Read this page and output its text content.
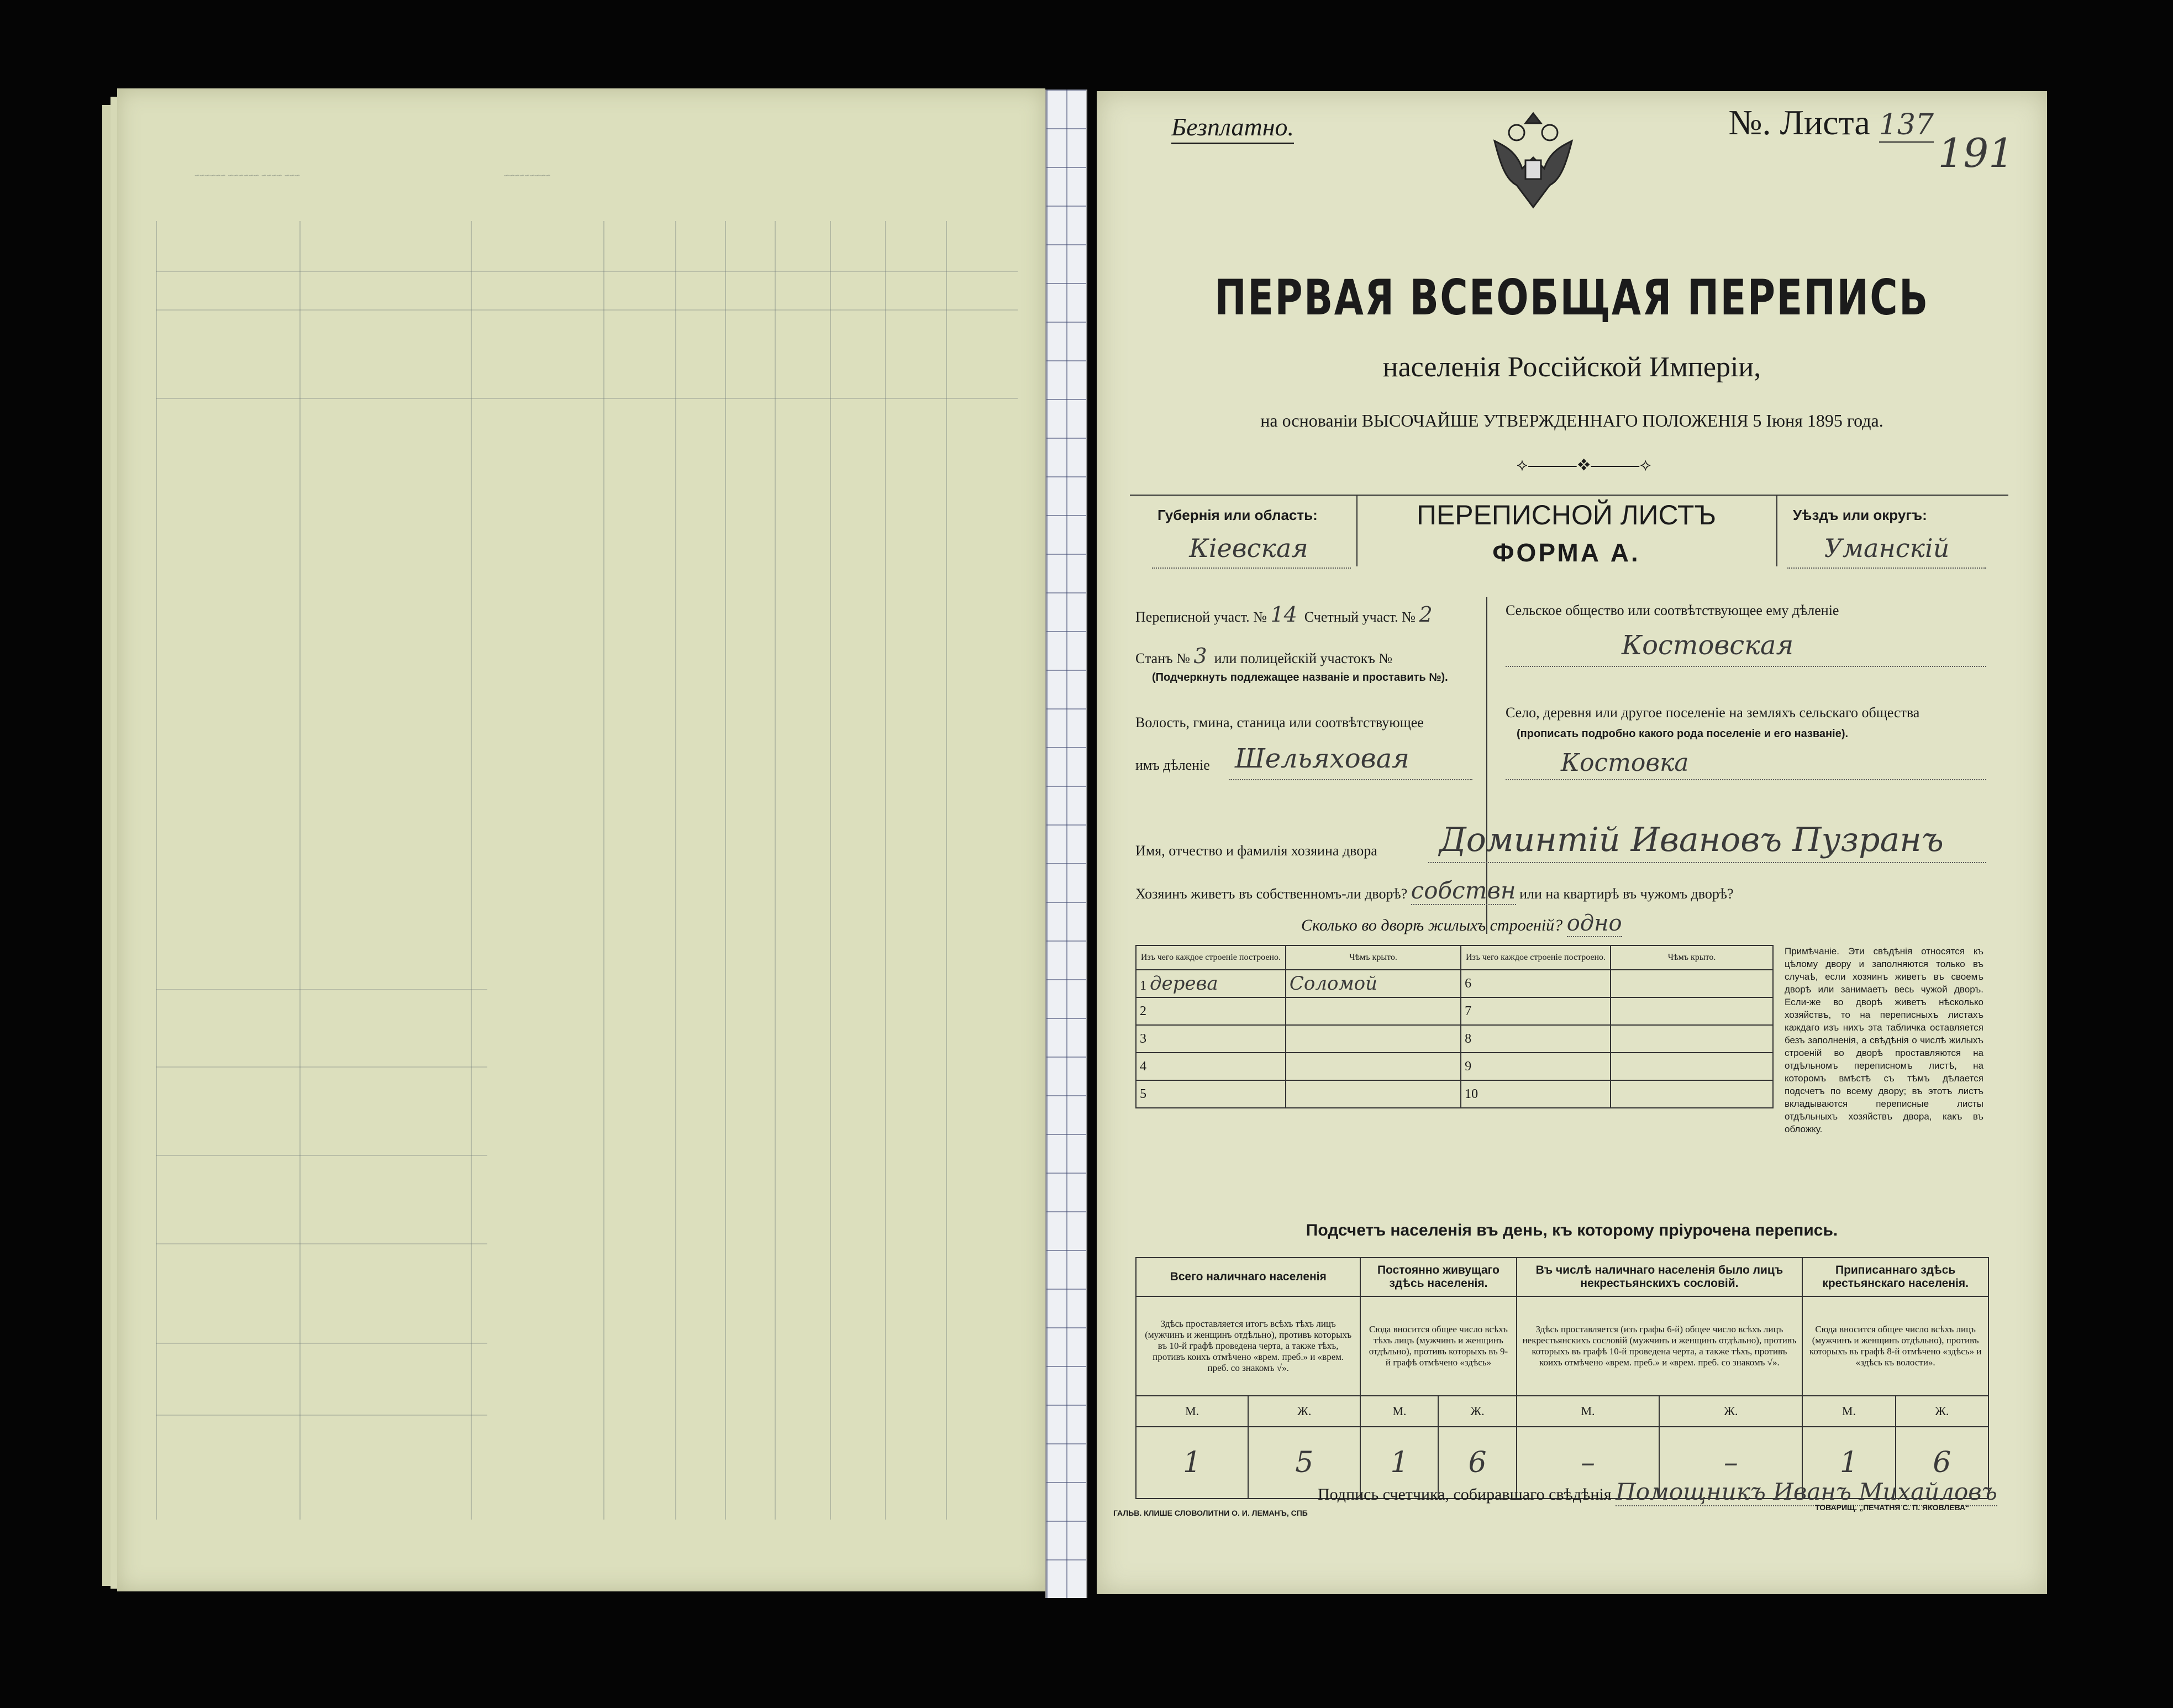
~~~ ~~~~ ~~~~~~ ~~~~~~	~~~~~~~~~
Безплатно.	№. Листа 137
191
ПЕРВАЯ ВСЕОБЩАЯ ПЕРЕПИСЬ
населенія Россійской Имперіи,
на основаніи ВЫСОЧАЙШЕ УТВЕРЖДЕННАГО ПОЛОЖЕНІЯ 5 Іюня 1895 года.
⟡⸻❖⸻⟡
Губернія или область:
Кіевская
ПЕРЕПИСНОЙ ЛИСТЪ
ФОРМА А.
Уѣздъ или округъ:
Уманскій
Переписной участ. № 14 Счетный участ. № 2
Станъ № 3 или полицейскій участокъ №
(Подчеркнуть подлежащее названіе и проставить №).
Волость, гмина, станица или соотвѣтствующее
имъ дѣленіе Шельяховая
Сельское общество или соотвѣтствующее ему дѣленіе
Костовская
Село, деревня или другое поселеніе на земляхъ сельскаго общества
(прописать подробно какого рода поселеніе и его названіе).
Костовка
Имя, отчество и фамилія хозяина двора Доминтій Ивановъ Пузранъ
Хозяинъ живетъ въ собственномъ-ли дворѣ? собствн или на квартирѣ въ чужомъ дворѣ?
Сколько во дворѣ жилыхъ строеній? одно
Изъ чего каждое строеніе построено.	Чѣмъ крыто.	Изъ чего каждое строеніе построено.	Чѣмъ крыто.
1 дерева	Соломой	6	
2		7	
3		8	
4		9	
5		10	
Примѣчаніе. Эти свѣдѣнія относятся къ цѣлому двору и заполняются только въ случаѣ, если хозяинъ живетъ въ своемъ дворѣ или занимаетъ весь чужой дворъ. Если-же во дворѣ живетъ нѣсколько хозяйствъ, то на переписныхъ листахъ каждаго изъ нихъ эта табличка оставляется безъ заполненія, а свѣдѣнія о числѣ жилыхъ строеній во дворѣ проставляются на отдѣльномъ переписномъ листѣ, на которомъ вмѣстѣ съ тѣмъ дѣлается подсчетъ по всему двору; въ этотъ листъ вкладываются переписные листы отдѣльныхъ хозяйствъ двора, какъ въ обложку.
Подсчетъ населенія въ день, къ которому пріурочена перепись.
Всего наличнаго населенія		Постоянно живущаго здѣсь населенія.		Въ числѣ наличнаго населенія было лицъ некрестьянскихъ сословій.		Приписаннаго здѣсь крестьянскаго населенія.	
Здѣсь проставляется итогъ всѣхъ тѣхъ лицъ (мужчинъ и женщинъ отдѣльно), противъ которыхъ въ 10-й графѣ проведена черта, а также тѣхъ, противъ коихъ отмѣчено «врем. преб.» и «врем. преб. со знакомъ √».		Сюда вносится общее число всѣхъ тѣхъ лицъ (мужчинъ и женщинъ отдѣльно), противъ которыхъ въ 9-й графѣ отмѣчено «здѣсь»		Здѣсь проставляется (изъ графы 6-й) общее число всѣхъ лицъ некрестьянскихъ сословій (мужчинъ и женщинъ отдѣльно), противъ которыхъ въ графѣ 10-й проведена черта, а также тѣхъ, противъ коихъ отмѣчено «врем. преб.» и «врем. преб. со знакомъ √».		Сюда вносится общее число всѣхъ лицъ (мужчинъ и женщинъ отдѣльно), противъ которыхъ въ графѣ 8-й отмѣчено «здѣсь» и «здѣсь къ волости».	
М.	Ж.	М.	Ж.	М.	Ж.	М.	Ж.
1	5	1	6	–	–	1	6
Подпись счетчика, собиравшаго свѣдѣнія Помощникъ Иванъ Михайловъ
ГАЛЬВ. КЛИШЕ СЛОВОЛИТНИ О. И. ЛЕМАНЪ, СПБ
ТОВАРИЩ. „ПЕЧАТНЯ С. П. ЯКОВЛЕВА“
